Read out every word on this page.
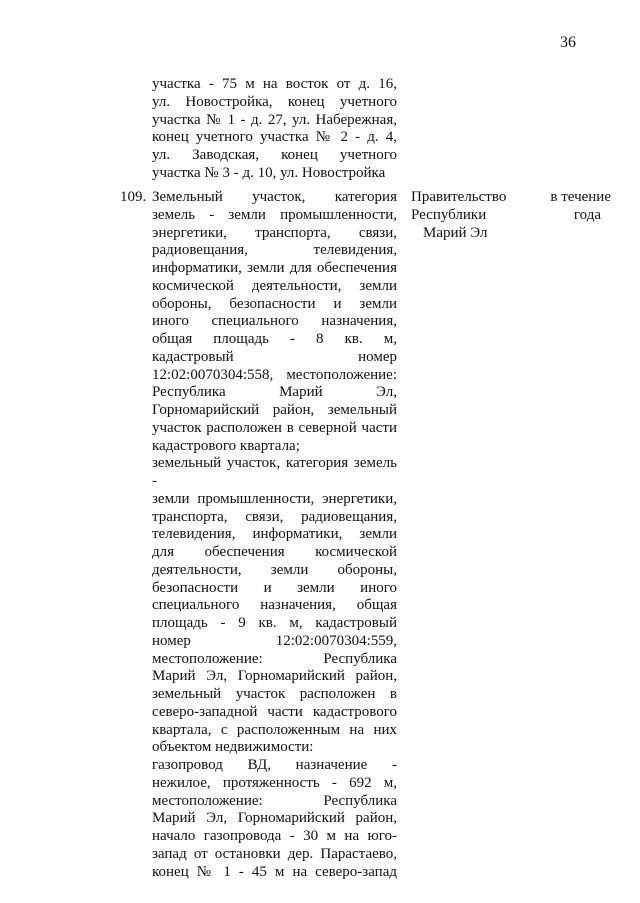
36
участка - 75 м на восток от д. 16,
ул. Новостройка, конец учетного
участка № 1 - д. 27, ул. Набережная,
конец учетного участка № 2 - д. 4,
ул. Заводская, конец учетного
участка № 3 - д. 10, ул. Новостройка
109. Земельный участок, категория
земель - земли промышленности,
энергетики, транспорта, связи,
радиовещания, телевидения,
информатики, земли для обеспечения
космической деятельности, земли
обороны, безопасности и земли
иного специального назначения,
общая площадь - 8 кв. м,
кадастровый номер
12:02:0070304:558, местоположение:
Республика Марий Эл,
Горномарийский район, земельный
участок расположен в северной части
кадастрового квартала;
земельный участок, категория земель -
земли промышленности, энергетики,
транспорта, связи, радиовещания,
телевидения, информатики, земли
для обеспечения космической
деятельности, земли обороны,
безопасности и земли иного
специального назначения, общая
площадь - 9 кв. м, кадастровый
номер 12:02:0070304:559,
местоположение: Республика
Марий Эл, Горномарийский район,
земельный участок расположен в
северо-западной части кадастрового
квартала, с расположенным на них
объектом недвижимости:
газопровод ВД, назначение -
нежилое, протяженность - 692 м,
местоположение: Республика
Марий Эл, Горномарийский район,
начало газопровода - 30 м на юго-
запад от остановки дер. Парастаево,
конец № 1 - 45 м на северо-запад
Правительство
Республики
Марий Эл
в течение
года
